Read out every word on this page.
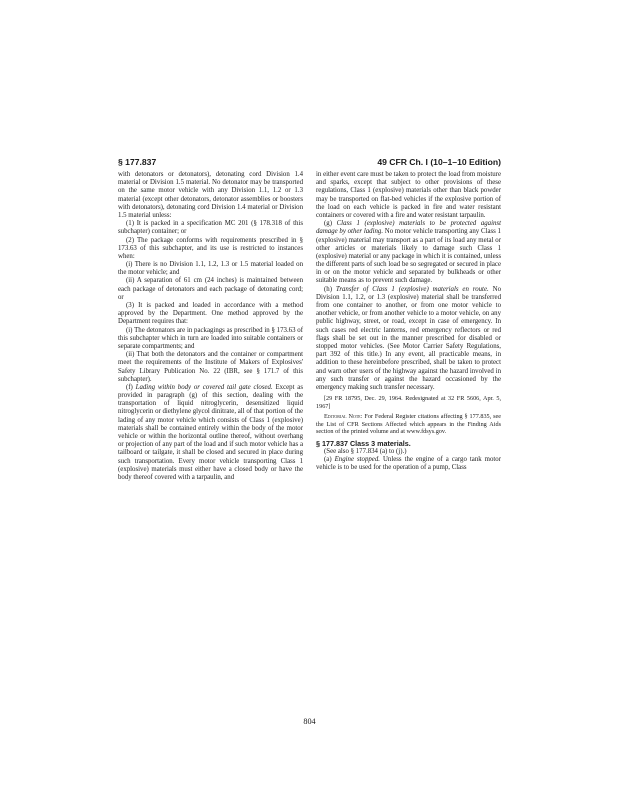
§ 177.837	49 CFR Ch. I (10–1–10 Edition)

with detonators or detonators), detonating cord Division 1.4 material or Division 1.5 material. No detonator may be transported on the same motor vehicle with any Division 1.1, 1.2 or 1.3 material (except other detonators, detonator assemblies or boosters with detonators), detonating cord Division 1.4 material or Division 1.5 material unless:

(1) It is packed in a specification MC 201 (§ 178.318 of this subchapter) container; or

(2) The package conforms with requirements prescribed in § 173.63 of this subchapter, and its use is restricted to instances when:

(i) There is no Division 1.1, 1.2, 1.3 or 1.5 material loaded on the motor vehicle; and

(ii) A separation of 61 cm (24 inches) is maintained between each package of detonators and each package of detonating cord; or

(3) It is packed and loaded in accordance with a method approved by the Department. One method approved by the Department requires that:

(i) The detonators are in packagings as prescribed in § 173.63 of this subchapter which in turn are loaded into suitable containers or separate compartments; and

(ii) That both the detonators and the container or compartment meet the requirements of the Institute of Makers of Explosives' Safety Library Publication No. 22 (IBR, see § 171.7 of this subchapter).

(f) Lading within body or covered tail gate closed. Except as provided in paragraph (g) of this section, dealing with the transportation of liquid nitroglycerin, desensitized liquid nitroglycerin or diethylene glycol dinitrate, all of that portion of the lading of any motor vehicle which consists of Class 1 (explosive) materials shall be contained entirely within the body of the motor vehicle or within the horizontal outline thereof, without overhang or projection of any part of the load and if such motor vehicle has a tailboard or tailgate, it shall be closed and secured in place during such transportation. Every motor vehicle transporting Class 1 (explosive) materials must either have a closed body or have the body thereof covered with a tarpaulin, and

in either event care must be taken to protect the load from moisture and sparks, except that subject to other provisions of these regulations, Class 1 (explosive) materials other than black powder may be transported on flat-bed vehicles if the explosive portion of the load on each vehicle is packed in fire and water resistant containers or covered with a fire and water resistant tarpaulin.

(g) Class 1 (explosive) materials to be protected against damage by other lading. No motor vehicle transporting any Class 1 (explosive) material may transport as a part of its load any metal or other articles or materials likely to damage such Class 1 (explosive) material or any package in which it is contained, unless the different parts of such load be so segregated or secured in place in or on the motor vehicle and separated by bulkheads or other suitable means as to prevent such damage.

(h) Transfer of Class 1 (explosive) materials en route. No Division 1.1, 1.2, or 1.3 (explosive) material shall be transferred from one container to another, or from one motor vehicle to another vehicle, or from another vehicle to a motor vehicle, on any public highway, street, or road, except in case of emergency. In such cases red electric lanterns, red emergency reflectors or red flags shall be set out in the manner prescribed for disabled or stopped motor vehicles. (See Motor Carrier Safety Regulations, part 392 of this title.) In any event, all practicable means, in addition to these hereinbefore prescribed, shall be taken to protect and warn other users of the highway against the hazard involved in any such transfer or against the hazard occasioned by the emergency making such transfer necessary.

[29 FR 18795, Dec. 29, 1964. Redesignated at 32 FR 5606, Apr. 5, 1967]

Editorial Note: For Federal Register citations affecting § 177.835, see the List of CFR Sections Affected which appears in the Finding Aids section of the printed volume and at www.fdsys.gov.

§ 177.837 Class 3 materials.

(See also § 177.834 (a) to (j).)

(a) Engine stopped. Unless the engine of a cargo tank motor vehicle is to be used for the operation of a pump, Class

804
